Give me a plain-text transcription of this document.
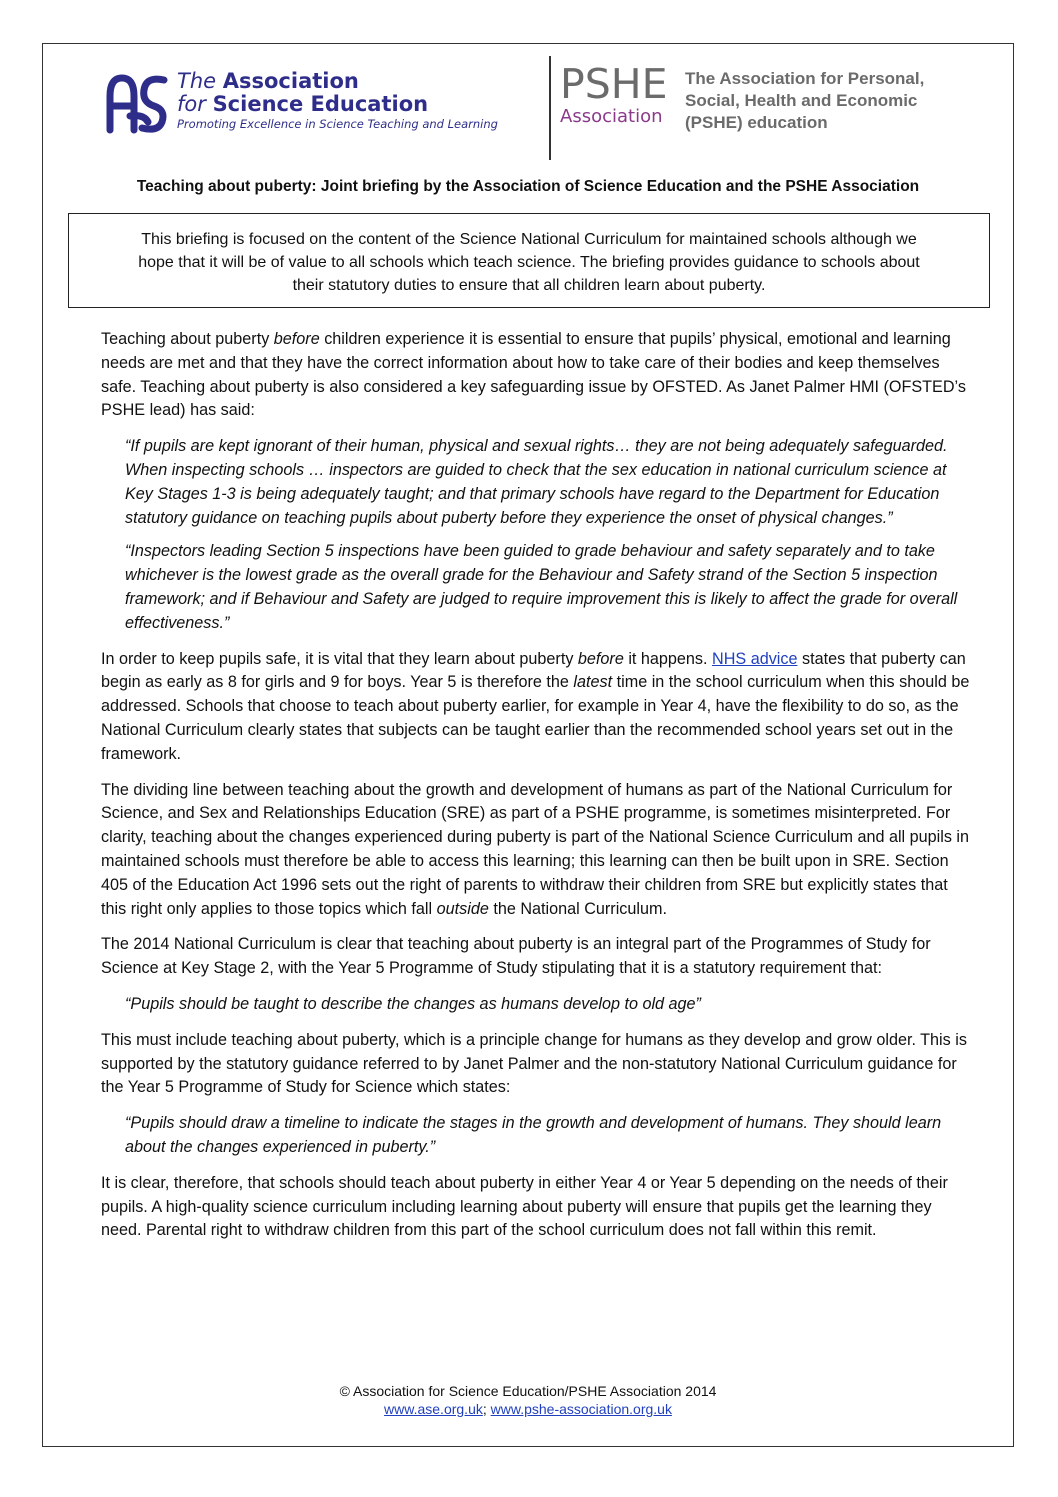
The Association
for Science Education
Promoting Excellence in Science Teaching and Learning
PSHE
Association
The Association for Personal,
Social, Health and Economic
(PSHE) education
Teaching about puberty: Joint briefing by the Association of Science Education and the PSHE Association
This briefing is focused on the content of the Science National Curriculum for maintained schools although we
hope that it will be of value to all schools which teach science. The briefing provides guidance to schools about
their statutory duties to ensure that all children learn about puberty.

Teaching about puberty before children experience it is essential to ensure that pupils’ physical, emotional and learning needs are met and that they have the correct information about how to take care of their bodies and keep themselves safe. Teaching about puberty is also considered a key safeguarding issue by OFSTED. As Janet Palmer HMI (OFSTED’s PSHE lead) has said:

“If pupils are kept ignorant of their human, physical and sexual rights… they are not being adequately safeguarded. When inspecting schools … inspectors are guided to check that the sex education in national curriculum science at Key Stages 1-3 is being adequately taught; and that primary schools have regard to the Department for Education statutory guidance on teaching pupils about puberty before they experience the onset of physical changes.”

“Inspectors leading Section 5 inspections have been guided to grade behaviour and safety separately and to take whichever is the lowest grade as the overall grade for the Behaviour and Safety strand of the Section 5 inspection framework; and if Behaviour and Safety are judged to require improvement this is likely to affect the grade for overall effectiveness.”

In order to keep pupils safe, it is vital that they learn about puberty before it happens. NHS advice states that puberty can begin as early as 8 for girls and 9 for boys. Year 5 is therefore the latest time in the school curriculum when this should be addressed. Schools that choose to teach about puberty earlier, for example in Year 4, have the flexibility to do so, as the National Curriculum clearly states that subjects can be taught earlier than the recommended school years set out in the framework.

The dividing line between teaching about the growth and development of humans as part of the National Curriculum for Science, and Sex and Relationships Education (SRE) as part of a PSHE programme, is sometimes misinterpreted. For clarity, teaching about the changes experienced during puberty is part of the National Science Curriculum and all pupils in maintained schools must therefore be able to access this learning; this learning can then be built upon in SRE. Section 405 of the Education Act 1996 sets out the right of parents to withdraw their children from SRE but explicitly states that this right only applies to those topics which fall outside the National Curriculum.

The 2014 National Curriculum is clear that teaching about puberty is an integral part of the Programmes of Study for Science at Key Stage 2, with the Year 5 Programme of Study stipulating that it is a statutory requirement that:

“Pupils should be taught to describe the changes as humans develop to old age”

This must include teaching about puberty, which is a principle change for humans as they develop and grow older. This is supported by the statutory guidance referred to by Janet Palmer and the non-statutory National Curriculum guidance for the Year 5 Programme of Study for Science which states:

“Pupils should draw a timeline to indicate the stages in the growth and development of humans. They should learn about the changes experienced in puberty.”

It is clear, therefore, that schools should teach about puberty in either Year 4 or Year 5 depending on the needs of their pupils. A high-quality science curriculum including learning about puberty will ensure that pupils get the learning they need. Parental right to withdraw children from this part of the school curriculum does not fall within this remit.

© Association for Science Education/PSHE Association 2014
www.ase.org.uk; www.pshe-association.org.uk
